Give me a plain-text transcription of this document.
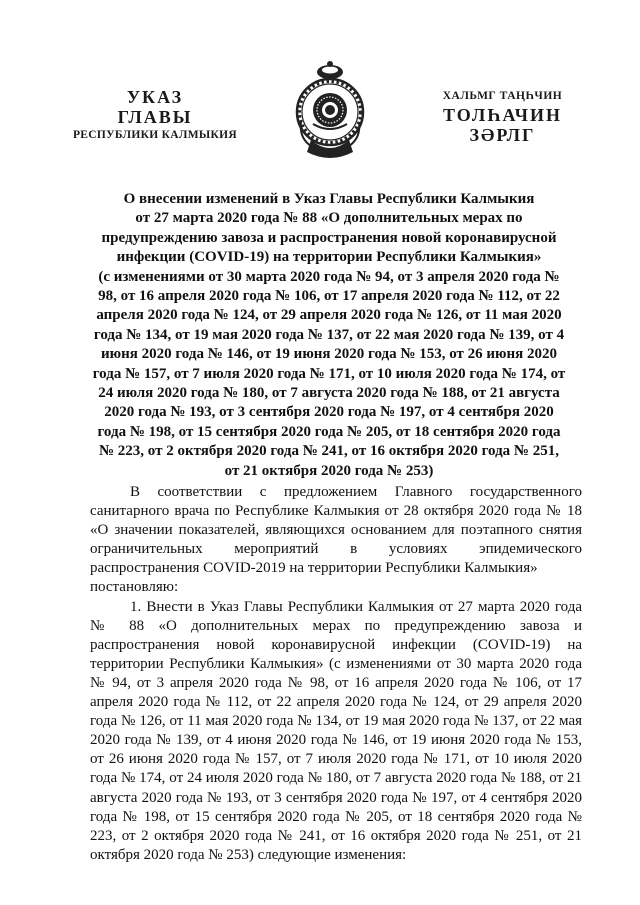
УКАЗ
ГЛАВЫ
РЕСПУБЛИКИ КАЛМЫКИЯ
ХАЛЬМГ ТАҢҺЧИН
ТОЛҺАЧИН
ЗӘРЛГ

О внесении изменений в Указ Главы Республики Калмыкия

от 27 марта 2020 года № 88 «О дополнительных мерах по

предупреждению завоза и распространения новой коронавирусной

инфекции (COVID-19) на территории Республики Калмыкия»

(с изменениями от 30 марта 2020 года № 94, от 3 апреля 2020 года № 98, от 16 апреля 2020 года № 106, от 17 апреля 2020 года № 112, от 22 апреля 2020 года № 124, от 29 апреля 2020 года № 126, от 11 мая 2020 года № 134, от 19 мая 2020 года № 137, от 22 мая 2020 года № 139, от 4 июня 2020 года № 146, от 19 июня 2020 года № 153, от 26 июня 2020 года № 157, от 7 июля 2020 года № 171, от 10 июля 2020 года № 174, от 24 июля 2020 года № 180, от 7 августа 2020 года № 188, от 21 августа 2020 года № 193, от 3 сентября 2020 года № 197, от 4 сентября 2020 года № 198, от 15 сентября 2020 года № 205, от 18 сентября 2020 года № 223, от 2 октября 2020 года № 241, от 16 октября 2020 года № 251, от 21 октября 2020 года № 253)

В соответствии с предложением Главного государственного санитарного врача по Республике Калмыкия от 28 октября 2020 года № 18 «О значении показателей, являющихся основанием для поэтапного снятия ограничительных мероприятий в условиях эпидемического распространения COVID-2019 на территории Республики Калмыкия»

постановляю:

1. Внести в Указ Главы Республики Калмыкия от 27 марта 2020 года № 88 «О дополнительных мерах по предупреждению завоза и распространения новой коронавирусной инфекции (COVID-19) на территории Республики Калмыкия» (с изменениями от 30 марта 2020 года № 94, от 3 апреля 2020 года № 98, от 16 апреля 2020 года № 106, от 17 апреля 2020 года № 112, от 22 апреля 2020 года № 124, от 29 апреля 2020 года № 126, от 11 мая 2020 года № 134, от 19 мая 2020 года № 137, от 22 мая 2020 года № 139, от 4 июня 2020 года № 146, от 19 июня 2020 года № 153, от 26 июня 2020 года № 157, от 7 июля 2020 года № 171, от 10 июля 2020 года № 174, от 24 июля 2020 года № 180, от 7 августа 2020 года № 188, от 21 августа 2020 года № 193, от 3 сентября 2020 года № 197, от 4 сентября 2020 года № 198, от 15 сентября 2020 года № 205, от 18 сентября 2020 года № 223, от 2 октября 2020 года № 241, от 16 октября 2020 года № 251, от 21 октября 2020 года № 253) следующие изменения:
